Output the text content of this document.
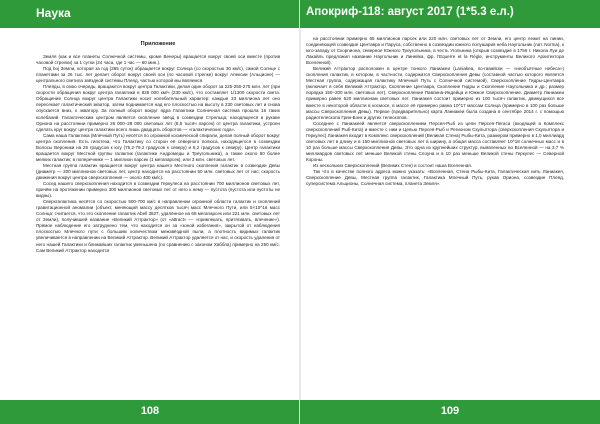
Наука
Приложение

Земля (как и все планеты Солнечной системы, кроме Венеры) вращается вокруг своей оси вместе (против часовой стрелки) за 1 сутки (24 часа, где 1 час — 60 мин.).

Под boj Земли, которая за год (365 суток) обращается вокруг Солнца (со скоростью 30 км/с), самой Солнце с планетами за 26 тыс. лет делает оборот вокруг своей оси (по часовой стрелке) вокруг Апексии (Альционе) — центрального светила звёздной системы Плеяд, частью которой мы являемся.

Плеяды, в свою очередь, вращаются вокруг центра Галактики, делая один оборот за 225-250-275 млн. лет (при скорости обращения вокруг центра галактики в 828 000 км/ч (230 км/с), что составляет 1/1300 скорости света. Обращение Солнца вокруг центра Галактики носит колебательный характер: каждые 33 миллиона лет оно пересекает галактический экватор, затем поднимается над его плоскостью на высоту в 230 световых лет и снова опускается вниз, к экватору. За полный оборот вокруг ядра Галактики Солнечная система прошла 16 таких колебаний. Галактическим центром является скопление звёзд в созвездии Стрельца, находящееся в рукаве Ориона на расстоянии примерно 26 000–28 000 световых лет (8,5 тысяч парсек) от центра галактики, устроен сделать круг вокруг центра галактики всего лишь двадцать оборотов — «галактических года».

Сама наша Галактика (Млечный Путь) несётся по огромной космической спирали, делая полный оборот вокруг центра скопления. Есть гипотеза, что Галактику со сторон её северного полюса, находящегося в созвездии Волосы Вероники на 25 градусов к югу (75,2-79,2 градусов к северу) и 5,2 градусов к северу). Центр галактики вращается вокруг Местной группы галактик (галактики Андромеды и Треугольника), а также около 50 более мелких галактик; в поперечнике — 1 миллион парсек (1 мегапарсек), или 3 млн. световых лет.

Местная группа галактик вращается вокруг центра нашего Местного скопления галактик в созвездии Девы (диаметр — 200 миллионов световых лет, центр находится на расстоянии 50 млн. световых лет от нас; скорость движения вокруг центра сверхскопления — около 400 км/с).

Сосед нашего сверхскопления находится в созвездии Геркулеса на расстоянии 700 миллионов световых лет, причём на протяжении примерно 300 миллионов световых лет от него к нему — пустота (пустота или пустоты не видны).

Сверхгалактика несётся со скоростью 500-700 км/с в направлении огромной области галактик и скоплений гравитационной аномалии (объект, меняющий массу десятков тысяч масс Млечного Пути, или 5×10^16 масс Солнца; считается, что это скопление галактик Abell 3627, удалённое на 68 мегапарсек или 221 млн. световых лет от Земли), получившей название «Великий Аттрактор» (от «attract» — «привлекать, притягивать, влечение»). Прямое наблюдение его затруднено тем, что находится он за «зоной избегания», закрытой от наблюдения плоскостью Млечного пути с большим количеством межзвёздной пыли, а плотность видимых галактик увеличивается в направлении на Великий Аттрактор. Великий Аттрактор удаляется от нас, и скорость удаления от него нашей Галактики и ближайших галактик уменьшена (по сравнению с законом Хаббла) примерно на 250 км/с. Сам Великий Аттрактор находится

108
Апокриф-118: август 2017 (1*5.3 е.л.)

на расстоянии примерно 65 миллионов парсек или 220 млн. световых лет от Земли, его центр лежит на линии, соединяющей созвездие Центавра и Паруса, собственно в созвездии южного полушария неба Наугольник (лат. Norma), к юго-западу от Скорпиона, северное Южного Треугольника, в честь Угольника (открыв созвездие в 1756 г. Никола Луи де Лакайль предложил название Наугольник и Линейка, фр. l'Equerre et la Règle, инструменты Великого Архитектора Вселенной).

Великий Аттрактор расположен в центре тонкого Ланиакеи (Laniakea, по-гавайски — «необъятные небеса») скопления галактик, в котором, в частности, содержатся Сверхскопления Девы (составной частью которого является Местная группа, содержащая галактику Млечный Путь с Солнечной системой), Сверхскопление Гидры-Центавра (включает в себя Великий Аттрактор, Скопление Центавра, Скопление Гидры и Скопление Наугольника и др.; размер порядка 150–200 млн. световых лет), Сверхскопление Павлина-Индейца и Южное Сверхскопление. Диаметр Ланиакеи примерно равен 520 миллионам световых лет. Ланиакея состоит примерно из 100 тысяч галактик, движущихся все вместе в некоторой области в космосе, в массе её примерно равна 10^17 массам Солнца (примерно в 100 раз больше массы Сверхскопления Девы). Первое (предварительно) карта Ланиакеи была создана в сентябре 2014 г. с помощью радиотелескопа Грин-Бэнк и других телескопов.

Соседнее с Ланиакеей является сверхскоплением Персея-Рыб из цепи Персея-Пегаса (входящей в Комплекс сверхскоплений Рыб-Кита) и вместе с ним и Цепью Персея-Рыб и Регионом Скульптора (сверхскопления Скульптора и Геркулес) Ланиакея входит в Комплекс сверхскоплений (Великая Стена) Рыбы-Кита, размером примерно в 1,0 миллиард световых лет в длину и в 150 миллионов световых лет в ширину, а общая масса составляет 10^18 солнечных масс и в 10 раз больше массы Сверхскопления Девы. Это одна из крупнейших структур, выявленных во Вселенной — на 3,7 % миллиардов световых лет меньше Великой стены Слоуна и в 10 раз меньше Великой стены Геркулес — Северной Короны.

Из нескольких Сверхскоплений (Великих Стен) и состоит наша Вселенная.

Так что в качестве полного адреса можно указать: «Вселенная, Стена Рыбы-Кита, Галактическая нить Ланиакея, Сверхскопление Девы, Местная группа галактик, Галактика Млечный Путь, рукав Ориона, созвездие Плеяд, суперсистема Альционы, Солнечная система, планета Земля».

109
